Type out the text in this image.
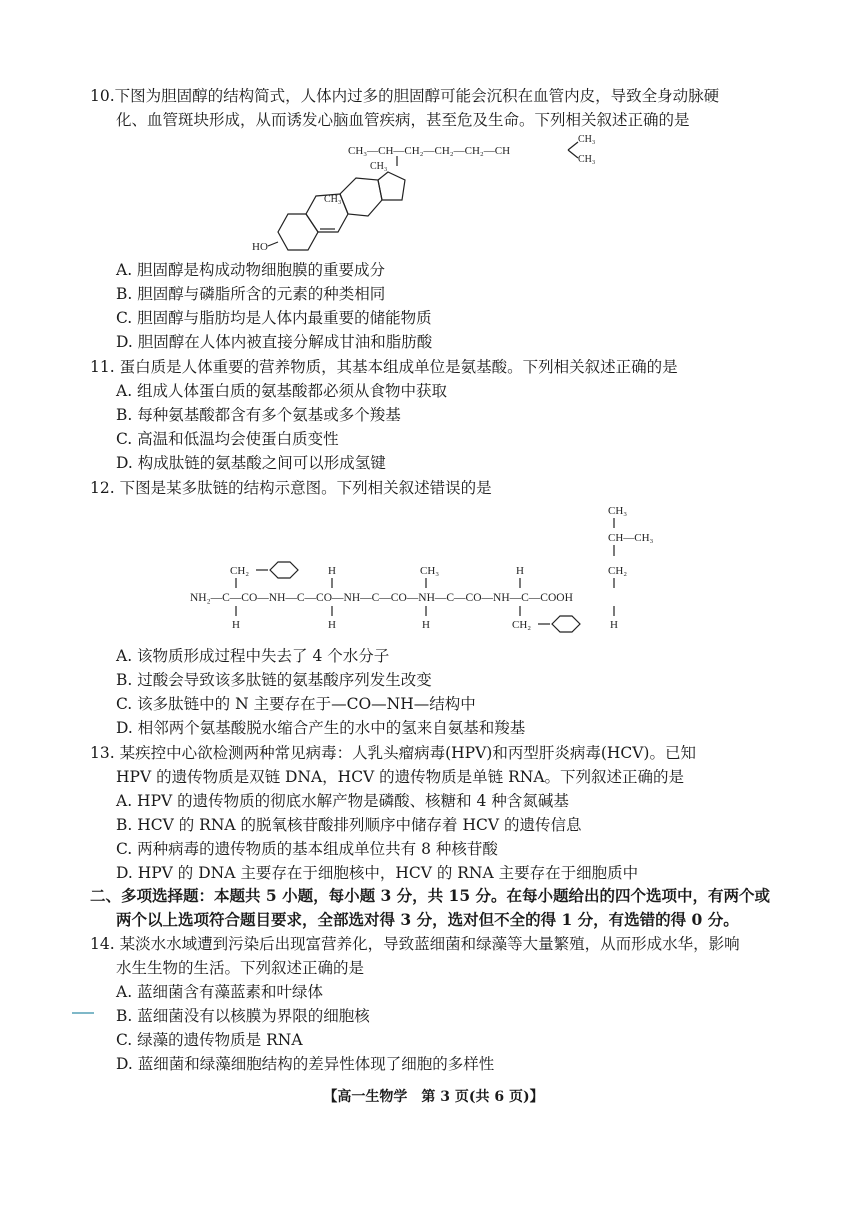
10.下图为胆固醇的结构简式，人体内过多的胆固醇可能会沉积在血管内皮，导致全身动脉硬
化、血管斑块形成，从而诱发心脑血管疾病，甚至危及生命。下列相关叙述正确的是
CH₃—CH—CH₂—CH₂—CH₂—CH
CH₃
CH₃
CH₃
CH₃
HO
A. 胆固醇是构成动物细胞膜的重要成分
B. 胆固醇与磷脂所含的元素的种类相同
C. 胆固醇与脂肪均是人体内最重要的储能物质
D. 胆固醇在人体内被直接分解成甘油和脂肪酸
11. 蛋白质是人体重要的营养物质，其基本组成单位是氨基酸。下列相关叙述正确的是
A. 组成人体蛋白质的氨基酸都必须从食物中获取
B. 每种氨基酸都含有多个氨基或多个羧基
C. 高温和低温均会使蛋白质变性
D. 构成肽链的氨基酸之间可以形成氢键
12. 下图是某多肽链的结构示意图。下列相关叙述错误的是
CH₃
CH—CH₃
CH₂	H	CH₃	H	CH₂
NH₂—C—CO—NH—C—CO—NH—C—CO—NH—C—CO—NH—C—COOH
H	H	H	CH₂	H
A. 该物质形成过程中失去了 4 个水分子
B. 过酸会导致该多肽链的氨基酸序列发生改变
C. 该多肽链中的 N 主要存在于—CO—NH—结构中
D. 相邻两个氨基酸脱水缩合产生的水中的氢来自氨基和羧基
13. 某疾控中心欲检测两种常见病毒：人乳头瘤病毒(HPV)和丙型肝炎病毒(HCV)。已知
HPV 的遗传物质是双链 DNA，HCV 的遗传物质是单链 RNA。下列叙述正确的是
A. HPV 的遗传物质的彻底水解产物是磷酸、核糖和 4 种含氮碱基
B. HCV 的 RNA 的脱氧核苷酸排列顺序中储存着 HCV 的遗传信息
C. 两种病毒的遗传物质的基本组成单位共有 8 种核苷酸
D. HPV 的 DNA 主要存在于细胞核中，HCV 的 RNA 主要存在于细胞质中
二、多项选择题：本题共 5 小题，每小题 3 分，共 15 分。在每小题给出的四个选项中，有两个或
两个以上选项符合题目要求，全部选对得 3 分，选对但不全的得 1 分，有选错的得 0 分。
14. 某淡水水域遭到污染后出现富营养化，导致蓝细菌和绿藻等大量繁殖，从而形成水华，影响
水生生物的生活。下列叙述正确的是
A. 蓝细菌含有藻蓝素和叶绿体
B. 蓝细菌没有以核膜为界限的细胞核
C. 绿藻的遗传物质是 RNA
D. 蓝细菌和绿藻细胞结构的差异性体现了细胞的多样性
【高一生物学　第 3 页(共 6 页)】
